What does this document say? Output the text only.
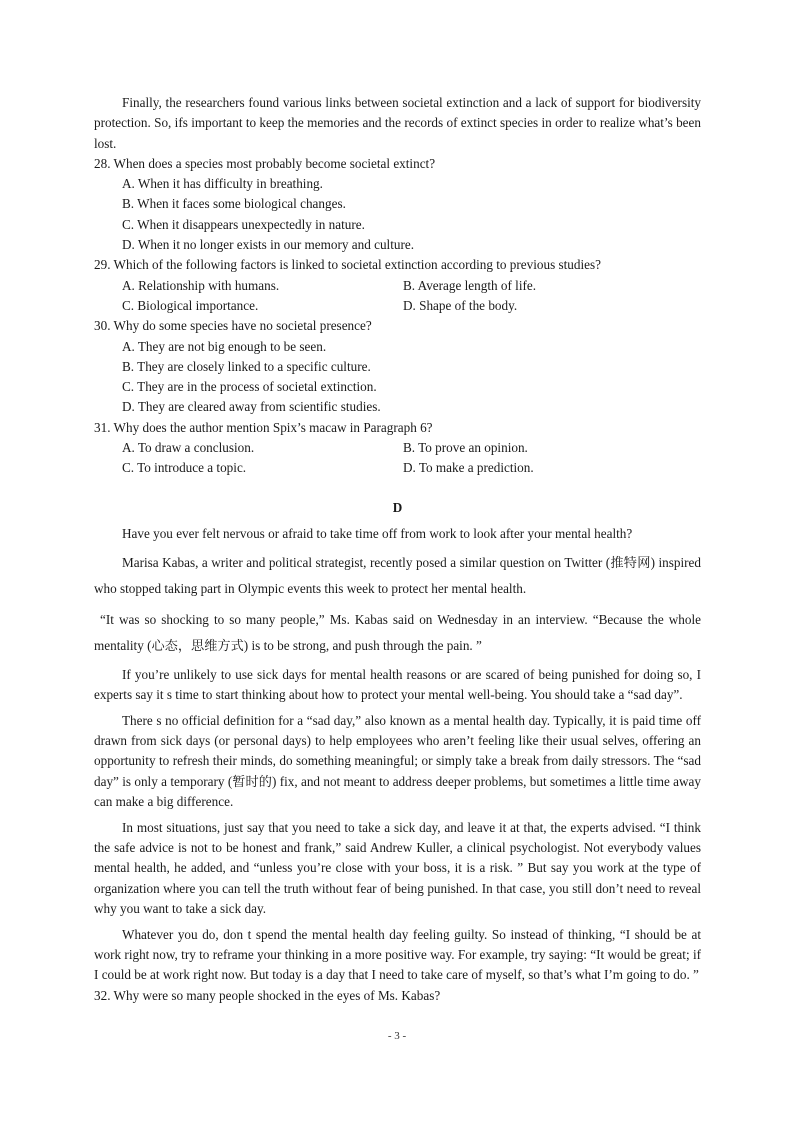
Finally, the researchers found various links between societal extinction and a lack of support for biodiversity protection. So, ifs important to keep the memories and the records of extinct species in order to realize what’s been lost.

28. When does a species most probably become societal extinct?

A. When it has difficulty in breathing.

B. When it faces some biological changes.

C. When it disappears unexpectedly in nature.

D. When it no longer exists in our memory and culture.

29. Which of the following factors is linked to societal extinction according to previous studies?

A. Relationship with humans.	B. Average length of life.
C. Biological importance.	D. Shape of the body.

30. Why do some species have no societal presence?

A. They are not big enough to be seen.

B. They are closely linked to a specific culture.

C. They are in the process of societal extinction.

D. They are cleared away from scientific studies.

31. Why does the author mention Spix’s macaw in Paragraph 6?

A. To draw a conclusion.	B. To prove an opinion.
C. To introduce a topic.	D. To make a prediction.

D

Have you ever felt nervous or afraid to take time off from work to look after your mental health?

Marisa Kabas, a writer and political strategist, recently posed a similar question on Twitter (推特网) inspired who stopped taking part in Olympic events this week to protect her mental health.

“It was so shocking to so many people,” Ms. Kabas said on Wednesday in an interview. “Because the whole mentality (心态，思维方式) is to be strong, and push through the pain. ”

If you’re unlikely to use sick days for mental health reasons or are scared of being punished for doing so, I experts say it s time to start thinking about how to protect your mental well-being. You should take a “sad day”.

There s no official definition for a “sad day,” also known as a mental health day. Typically, it is paid time off drawn from sick days (or personal days) to help employees who aren’t feeling like their usual selves, offering an opportunity to refresh their minds, do something meaningful; or simply take a break from daily stressors. The “sad day” is only a temporary (暂时的) fix, and not meant to address deeper problems, but sometimes a little time away can make a big difference.

In most situations, just say that you need to take a sick day, and leave it at that, the experts advised. “I think the safe advice is not to be honest and frank,” said Andrew Kuller, a clinical psychologist. Not everybody values mental health, he added, and “unless you’re close with your boss, it is a risk. ” But say you work at the type of organization where you can tell the truth without fear of being punished. In that case, you still don’t need to reveal why you want to take a sick day.

Whatever you do, don t spend the mental health day feeling guilty. So instead of thinking, “I should be at work right now, try to reframe your thinking in a more positive way. For example, try saying: “It would be great; if I could be at work right now. But today is a day that I need to take care of myself, so that’s what I’m going to do. ”

32. Why were so many people shocked in the eyes of Ms. Kabas?

- 3 -
